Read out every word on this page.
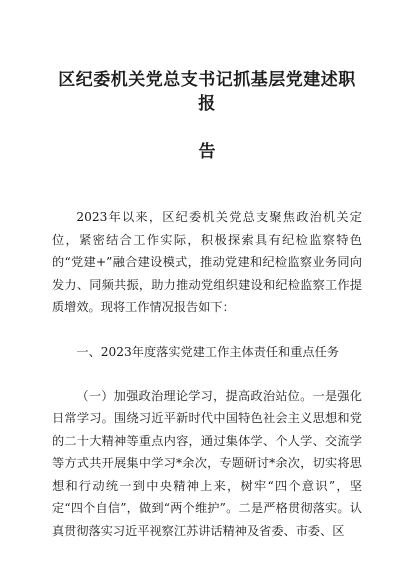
区纪委机关党总支书记抓基层党建述职报
告

2023年以来，区纪委机关党总支聚焦政治机关定位，紧密结合工作实际，积极探索具有纪检监察特色的“党建+”融合建设模式，推动党建和纪检监察业务同向发力、同频共振，助力推动党组织建设和纪检监察工作提质增效。现将工作情况报告如下：

一、2023年度落实党建工作主体责任和重点任务

（一）加强政治理论学习，提高政治站位。一是强化日常学习。围绕习近平新时代中国特色社会主义思想和党的二十大精神等重点内容，通过集体学、个人学、交流学等方式共开展集中学习*余次，专题研讨*余次，切实将思想和行动统一到中央精神上来，树牢“四个意识”，坚定“四个自信”，做到“两个维护”。二是严格贯彻落实。认真贯彻落实习近平视察江苏讲话精神及省委、市委、区
